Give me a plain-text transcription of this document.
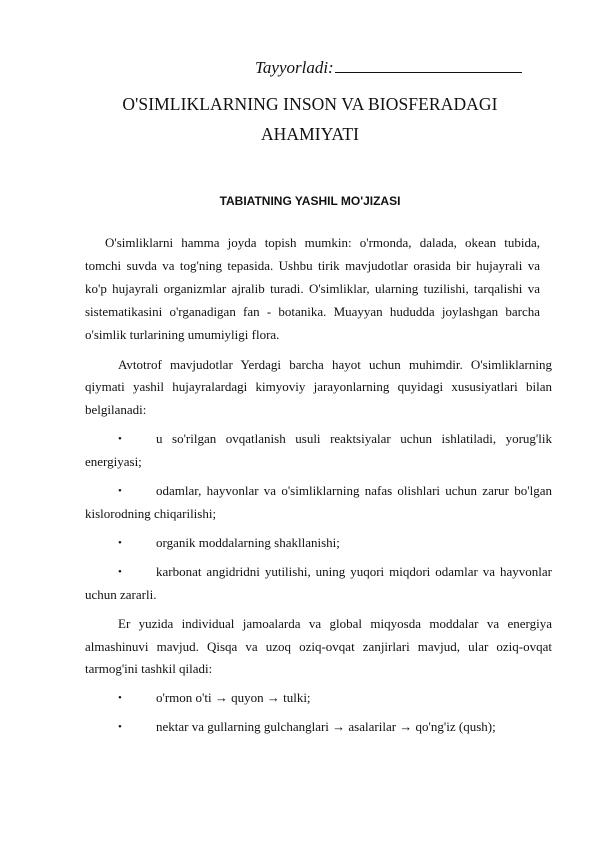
Tayyorladi:
O'SIMLIKLARNING INSON VA BIOSFERADAGI
AHAMIYATI
TABIATNING YASHIL MO'JIZASI

O'simliklarni hamma joyda topish mumkin: o'rmonda, dalada, okean tubida, tomchi suvda va tog'ning tepasida. Ushbu tirik mavjudotlar orasida bir hujayrali va ko'p hujayrali organizmlar ajralib turadi. O'simliklar, ularning tuzilishi, tarqalishi va sistematikasini o'rganadigan fan - botanika. Muayyan hududda joylashgan barcha o'simlik turlarining umumiyligi flora.

Avtotrof mavjudotlar Yerdagi barcha hayot uchun muhimdir. O'simliklarning qiymati yashil hujayralardagi kimyoviy jarayonlarning quyidagi xususiyatlari bilan belgilanadi:

•	u so'rilgan ovqatlanish usuli reaktsiyalar uchun ishlatiladi, yorug'lik energiyasi;

•	odamlar, hayvonlar va o'simliklarning nafas olishlari uchun zarur bo'lgan kislorodning chiqarilishi;

•	organik moddalarning shakllanishi;

•	karbonat angidridni yutilishi, uning yuqori miqdori odamlar va hayvonlar uchun zararli.

Er yuzida individual jamoalarda va global miqyosda moddalar va energiya almashinuvi mavjud. Qisqa va uzoq oziq-ovqat zanjirlari mavjud, ular oziq-ovqat tarmog'ini tashkil qiladi:

•	o'rmon o'ti → quyon → tulki;

•	nektar va gullarning gulchanglari → asalarilar → qo'ng'iz (qush);
